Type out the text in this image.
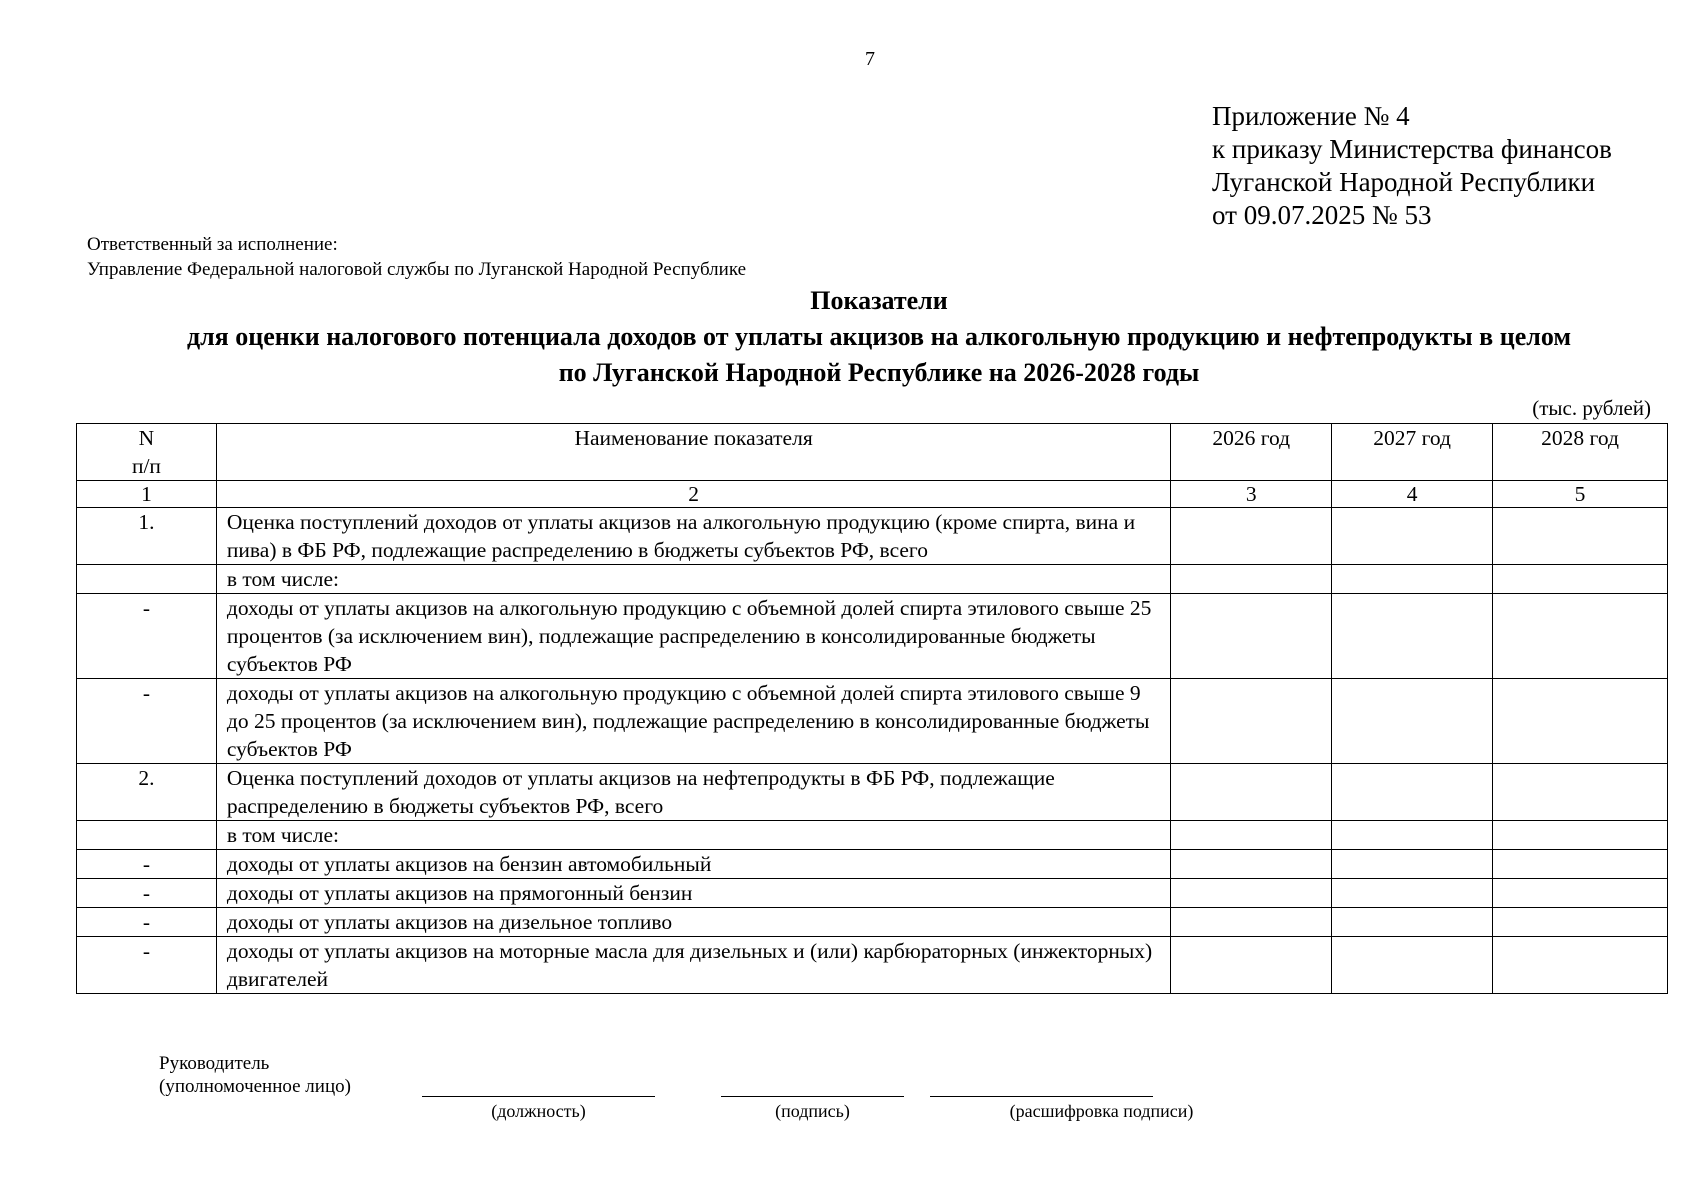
7
Приложение № 4
к приказу Министерства финансов
Луганской Народной Республики
от 09.07.2025 № 53
Ответственный за исполнение:
Управление Федеральной налоговой службы по Луганской Народной Республике
Показатели
для оценки налогового потенциала доходов от уплаты акцизов на алкогольную продукцию и нефтепродукты в целом
по Луганской Народной Республике на 2026-2028 годы
(тыс. рублей)
N
п/п	Наименование показателя	2026 год	2027 год	2028 год
1	2	3	4	5
1.	Оценка поступлений доходов от уплаты акцизов на алкогольную продукцию (кроме спирта, вина и пива) в ФБ РФ, подлежащие распределению в бюджеты субъектов РФ, всего			
	в том числе:			
-	доходы от уплаты акцизов на алкогольную продукцию с объемной долей спирта этилового свыше 25 процентов (за исключением вин), подлежащие распределению в консолидированные бюджеты субъектов РФ			
-	доходы от уплаты акцизов на алкогольную продукцию с объемной долей спирта этилового свыше 9 до 25 процентов (за исключением вин), подлежащие распределению в консолидированные бюджеты субъектов РФ			
2.	Оценка поступлений доходов от уплаты акцизов на нефтепродукты в ФБ РФ, подлежащие распределению в бюджеты субъектов РФ, всего			
	в том числе:			
-	доходы от уплаты акцизов на бензин автомобильный			
-	доходы от уплаты акцизов на прямогонный бензин			
-	доходы от уплаты акцизов на дизельное топливо			
-	доходы от уплаты акцизов на моторные масла для дизельных и (или) карбюраторных (инжекторных) двигателей			
Руководитель
(уполномоченное лицо)
(должность)	(подпись)	(расшифровка подписи)
